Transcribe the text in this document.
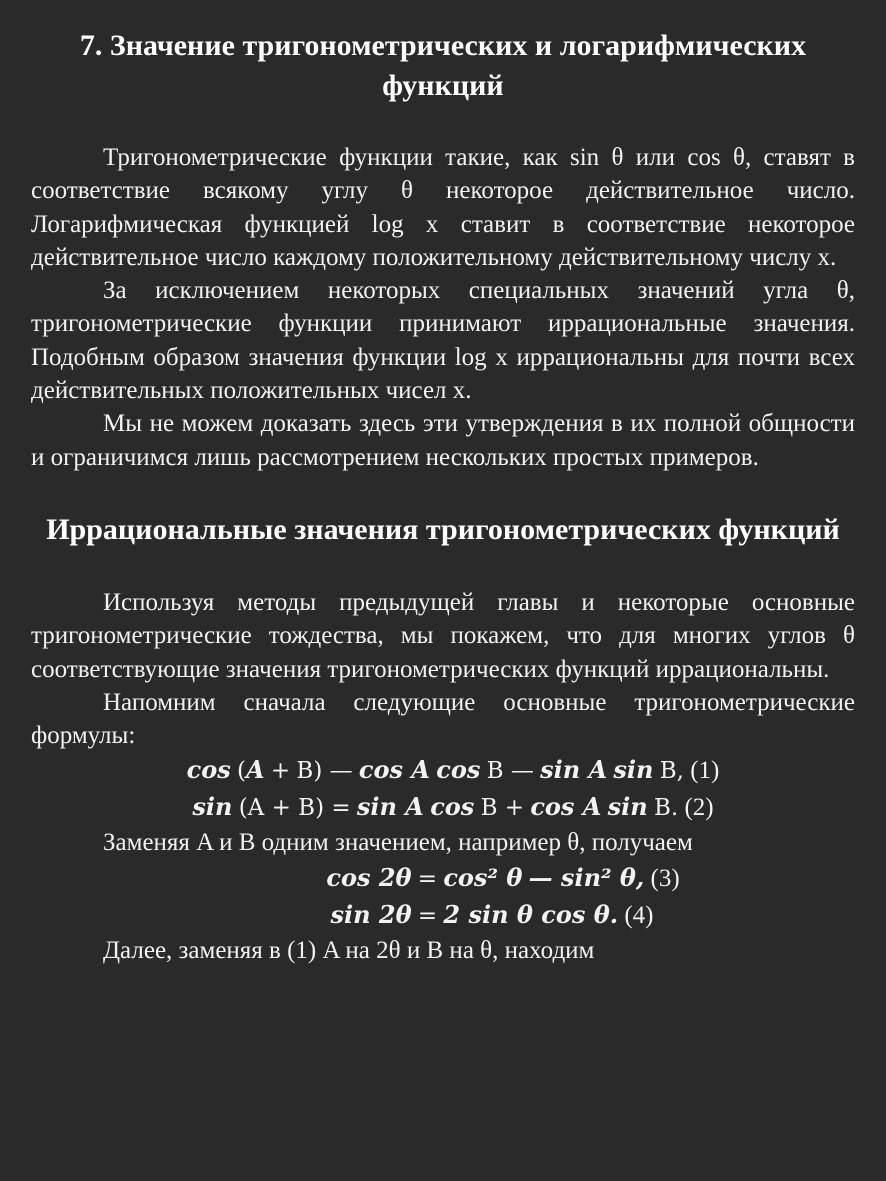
7. Значение тригонометрических и логарифмических функций

Тригонометрические функции такие, как sin θ или cos θ, ставят в соответствие всякому углу θ некоторое действительное число. Логарифмическая функцией log x ставит в соответствие некоторое действительное число каждому положительному действительному числу x.

За исключением некоторых специальных значений угла θ, тригонометрические функции принимают иррациональные значения. Подобным образом значения функции log x иррациональны для почти всех действительных положительных чисел x.

Мы не можем доказать здесь эти утверждения в их полной общности и ограничимся лишь рассмотрением нескольких простых примеров.

Иррациональные значения тригонометрических функций

Используя методы предыдущей главы и некоторые основные тригонометрические тождества, мы покажем, что для многих углов θ соответствующие значения тригонометрических функций иррациональны.

Напомним сначала следующие основные тригонометрические формулы:

cos (A + B) — cos A cos B — sin A sin B, (1)
sin (A + B) = sin A cos B + cos A sin B. (2)

Заменяя A и B одним значением, например θ, получаем

cos 2θ = cos² θ — sin² θ, (3)
sin 2θ = 2 sin θ cos θ. (4)

Далее, заменяя в (1) A на 2θ и B на θ, находим
